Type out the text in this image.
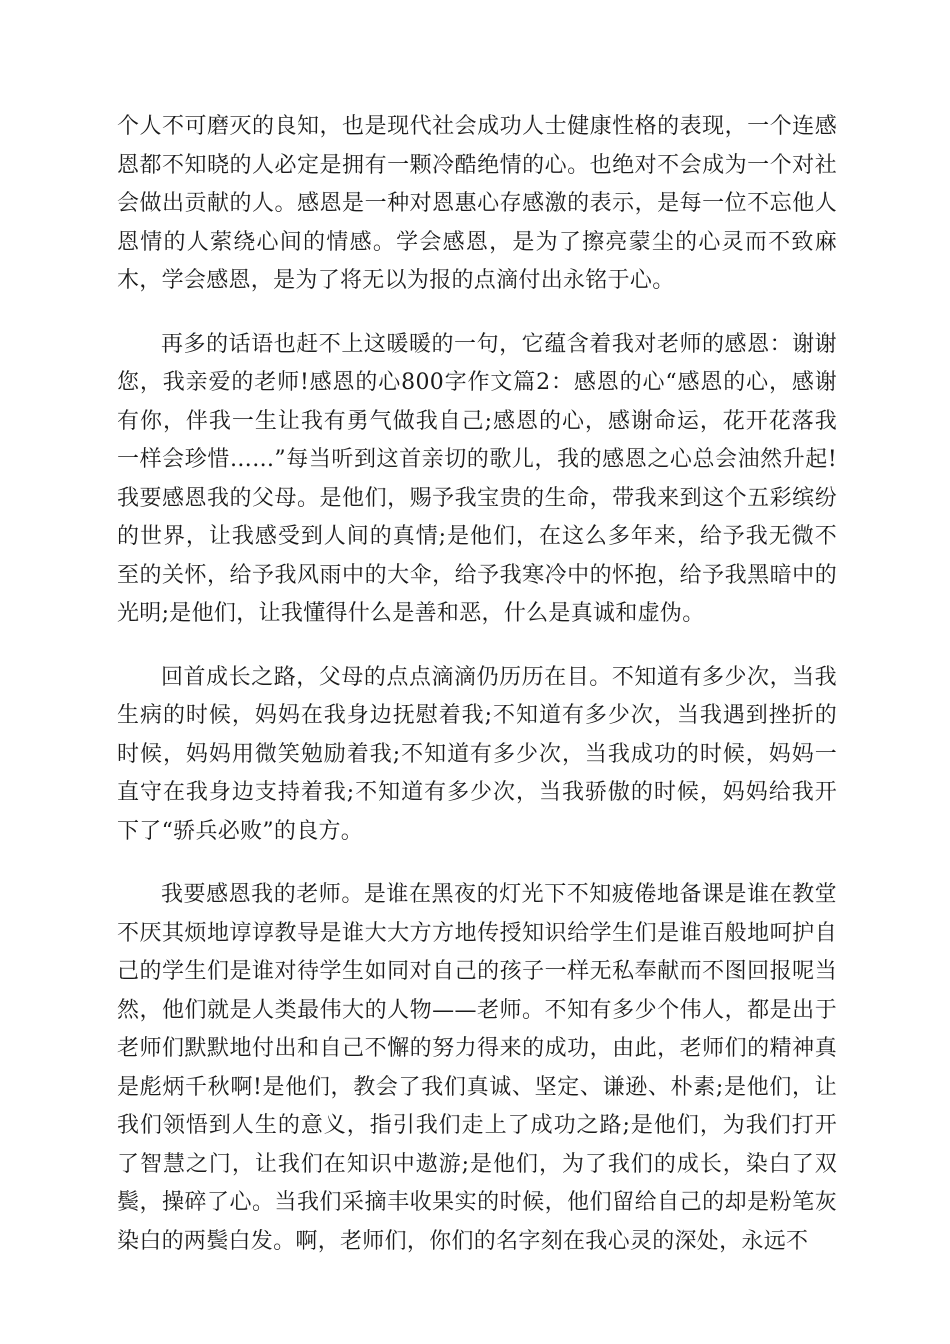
个人不可磨灭的良知，也是现代社会成功人士健康性格的表现，一个连感恩都不知晓的人必定是拥有一颗冷酷绝情的心。也绝对不会成为一个对社会做出贡献的人。感恩是一种对恩惠心存感激的表示，是每一位不忘他人恩情的人萦绕心间的情感。学会感恩，是为了擦亮蒙尘的心灵而不致麻木，学会感恩，是为了将无以为报的点滴付出永铭于心。

再多的话语也赶不上这暖暖的一句，它蕴含着我对老师的感恩：谢谢您，我亲爱的老师!感恩的心800字作文篇2：感恩的心“感恩的心，感谢有你，伴我一生让我有勇气做我自己;感恩的心，感谢命运，花开花落我一样会珍惜……”每当听到这首亲切的歌儿，我的感恩之心总会油然升起!我要感恩我的父母。是他们，赐予我宝贵的生命，带我来到这个五彩缤纷的世界，让我感受到人间的真情;是他们，在这么多年来，给予我无微不至的关怀，给予我风雨中的大伞，给予我寒冷中的怀抱，给予我黑暗中的光明;是他们，让我懂得什么是善和恶，什么是真诚和虚伪。

回首成长之路，父母的点点滴滴仍历历在目。不知道有多少次，当我生病的时候，妈妈在我身边抚慰着我;不知道有多少次，当我遇到挫折的时候，妈妈用微笑勉励着我;不知道有多少次，当我成功的时候，妈妈一直守在我身边支持着我;不知道有多少次，当我骄傲的时候，妈妈给我开下了“骄兵必败”的良方。

我要感恩我的老师。是谁在黑夜的灯光下不知疲倦地备课是谁在教堂不厌其烦地谆谆教导是谁大大方方地传授知识给学生们是谁百般地呵护自己的学生们是谁对待学生如同对自己的孩子一样无私奉献而不图回报呢当然，他们就是人类最伟大的人物——老师。不知有多少个伟人，都是出于老师们默默地付出和自己不懈的努力得来的成功，由此，老师们的精神真是彪炳千秋啊!是他们，教会了我们真诚、坚定、谦逊、朴素;是他们，让我们领悟到人生的意义，指引我们走上了成功之路;是他们，为我们打开了智慧之门，让我们在知识中遨游;是他们，为了我们的成长，染白了双鬓，操碎了心。当我们采摘丰收果实的时候，他们留给自己的却是粉笔灰染白的两鬓白发。啊，老师们，你们的名字刻在我心灵的深处，永远不
